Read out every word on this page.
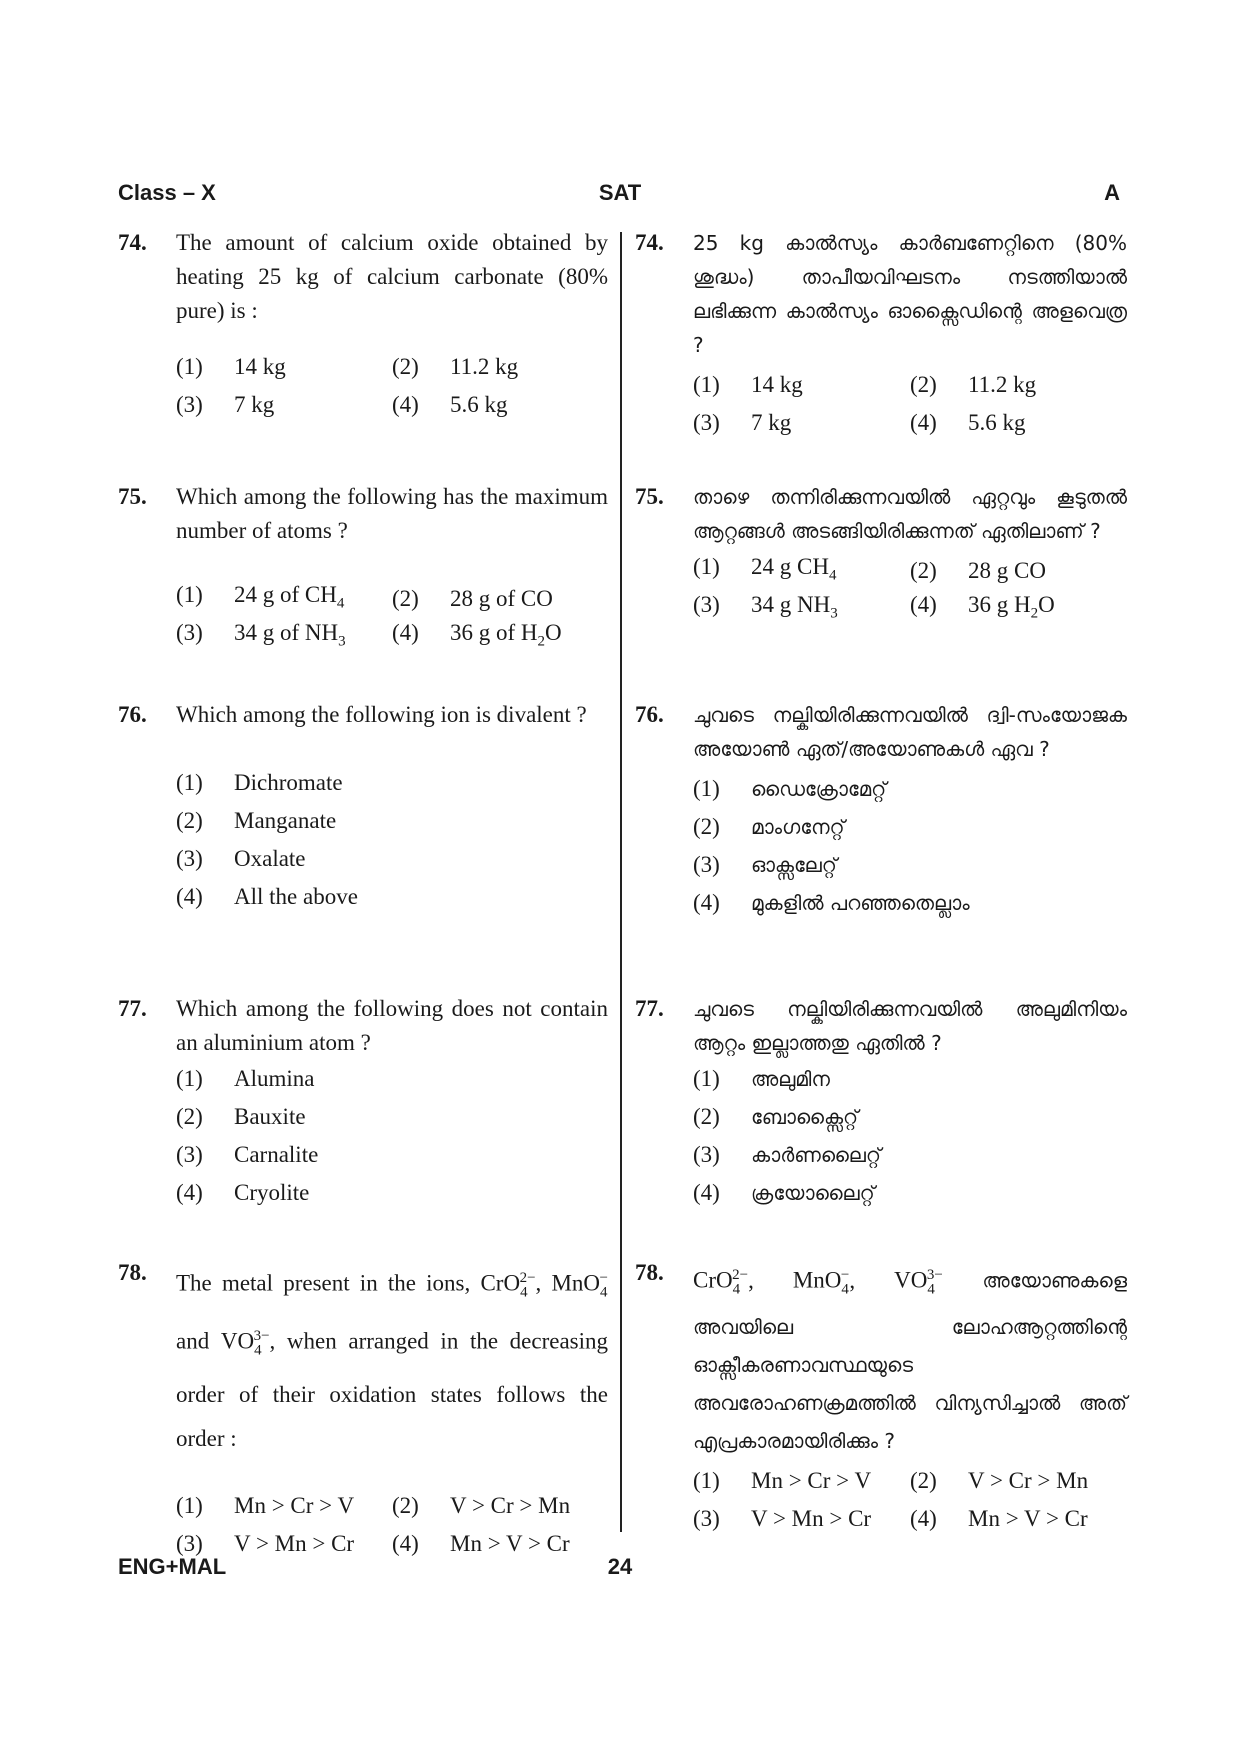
Class – X	SAT	A
74. The amount of calcium oxide obtained by heating 25 kg of calcium carbonate (80% pure) is :
(1)	14 kg	(2)	11.2 kg
(3)	7 kg	(4)	5.6 kg
75. Which among the following has the maximum number of atoms ?
(1)	24 g of $CH_4$	(2)	28 g of CO
(3)	34 g of $NH_3$	(4)	36 g of $H_2O$
76. Which among the following ion is divalent ?
(1)	Dichromate
(2)	Manganate
(3)	Oxalate
(4)	All the above
77. Which among the following does not contain an aluminium atom ?
(1)	Alumina
(2)	Bauxite
(3)	Carnalite
(4)	Cryolite
78. The metal present in the ions, CrO$_4^{2-}$, MnO$_4$− and $VO_4^{3-}$, when arranged in the decreasing order of their oxidation states follows the order :
(1)	Mn > Cr > V	(2)	V > Cr > Mn
(3)	V > Mn > Cr	(4)	Mn > V > Cr
74. 25 kg കാൽസ്യം കാർബണേറ്റിനെ (80% ശുദ്ധം) താപീയവിഘടനം നടത്തിയാൽ ലഭിക്കുന്ന കാൽസ്യം ഓക്സൈഡിന്റെ അളവെത്ര ?
(1)	14 kg	(2)	11.2 kg
(3)	7 kg	(4)	5.6 kg
75. താഴെ തന്നിരിക്കുന്നവയിൽ ഏറ്റവും കൂടുതൽ ആറ്റങ്ങൾ അടങ്ങിയിരിക്കുന്നത് ഏതിലാണ് ?
(1)	24 g $CH_4$	(2)	28 g CO
(3)	34 g $NH_3$	(4)	36 g $H_2O$
76. ചുവടെ നല്കിയിരിക്കുന്നവയിൽ ദ്വി-സംയോജക അയോൺ ഏത്/അയോണുകൾ ഏവ ?
(1)	ഡൈക്രോമേറ്റ്
(2)	മാംഗനേറ്റ്
(3)	ഓക്സലേറ്റ്
(4)	മുകളിൽ പറഞ്ഞതെല്ലാം
77. ചുവടെ നല്കിയിരിക്കുന്നവയിൽ അലുമിനിയം ആറ്റം ഇല്ലാത്തതു ഏതിൽ ?
(1)	അലുമിന
(2)	ബോക്സൈറ്റ്
(3)	കാർണലൈറ്റ്
(4)	ക്രയോലൈറ്റ്
78. CrO$_4^{2-}$, MnO$_4$−, $VO_4^{3-}$ അയോണുകളെ അവയിലെ ലോഹആറ്റത്തിന്റെ ഓക്സീകരണാവസ്ഥയുടെ അവരോഹണക്രമത്തിൽ വിന്യസിച്ചാൽ അത് എപ്രകാരമായിരിക്കും ?
(1)	Mn > Cr > V	(2)	V > Cr > Mn
(3)	V > Mn > Cr	(4)	Mn > V > Cr
ENG+MAL	24
